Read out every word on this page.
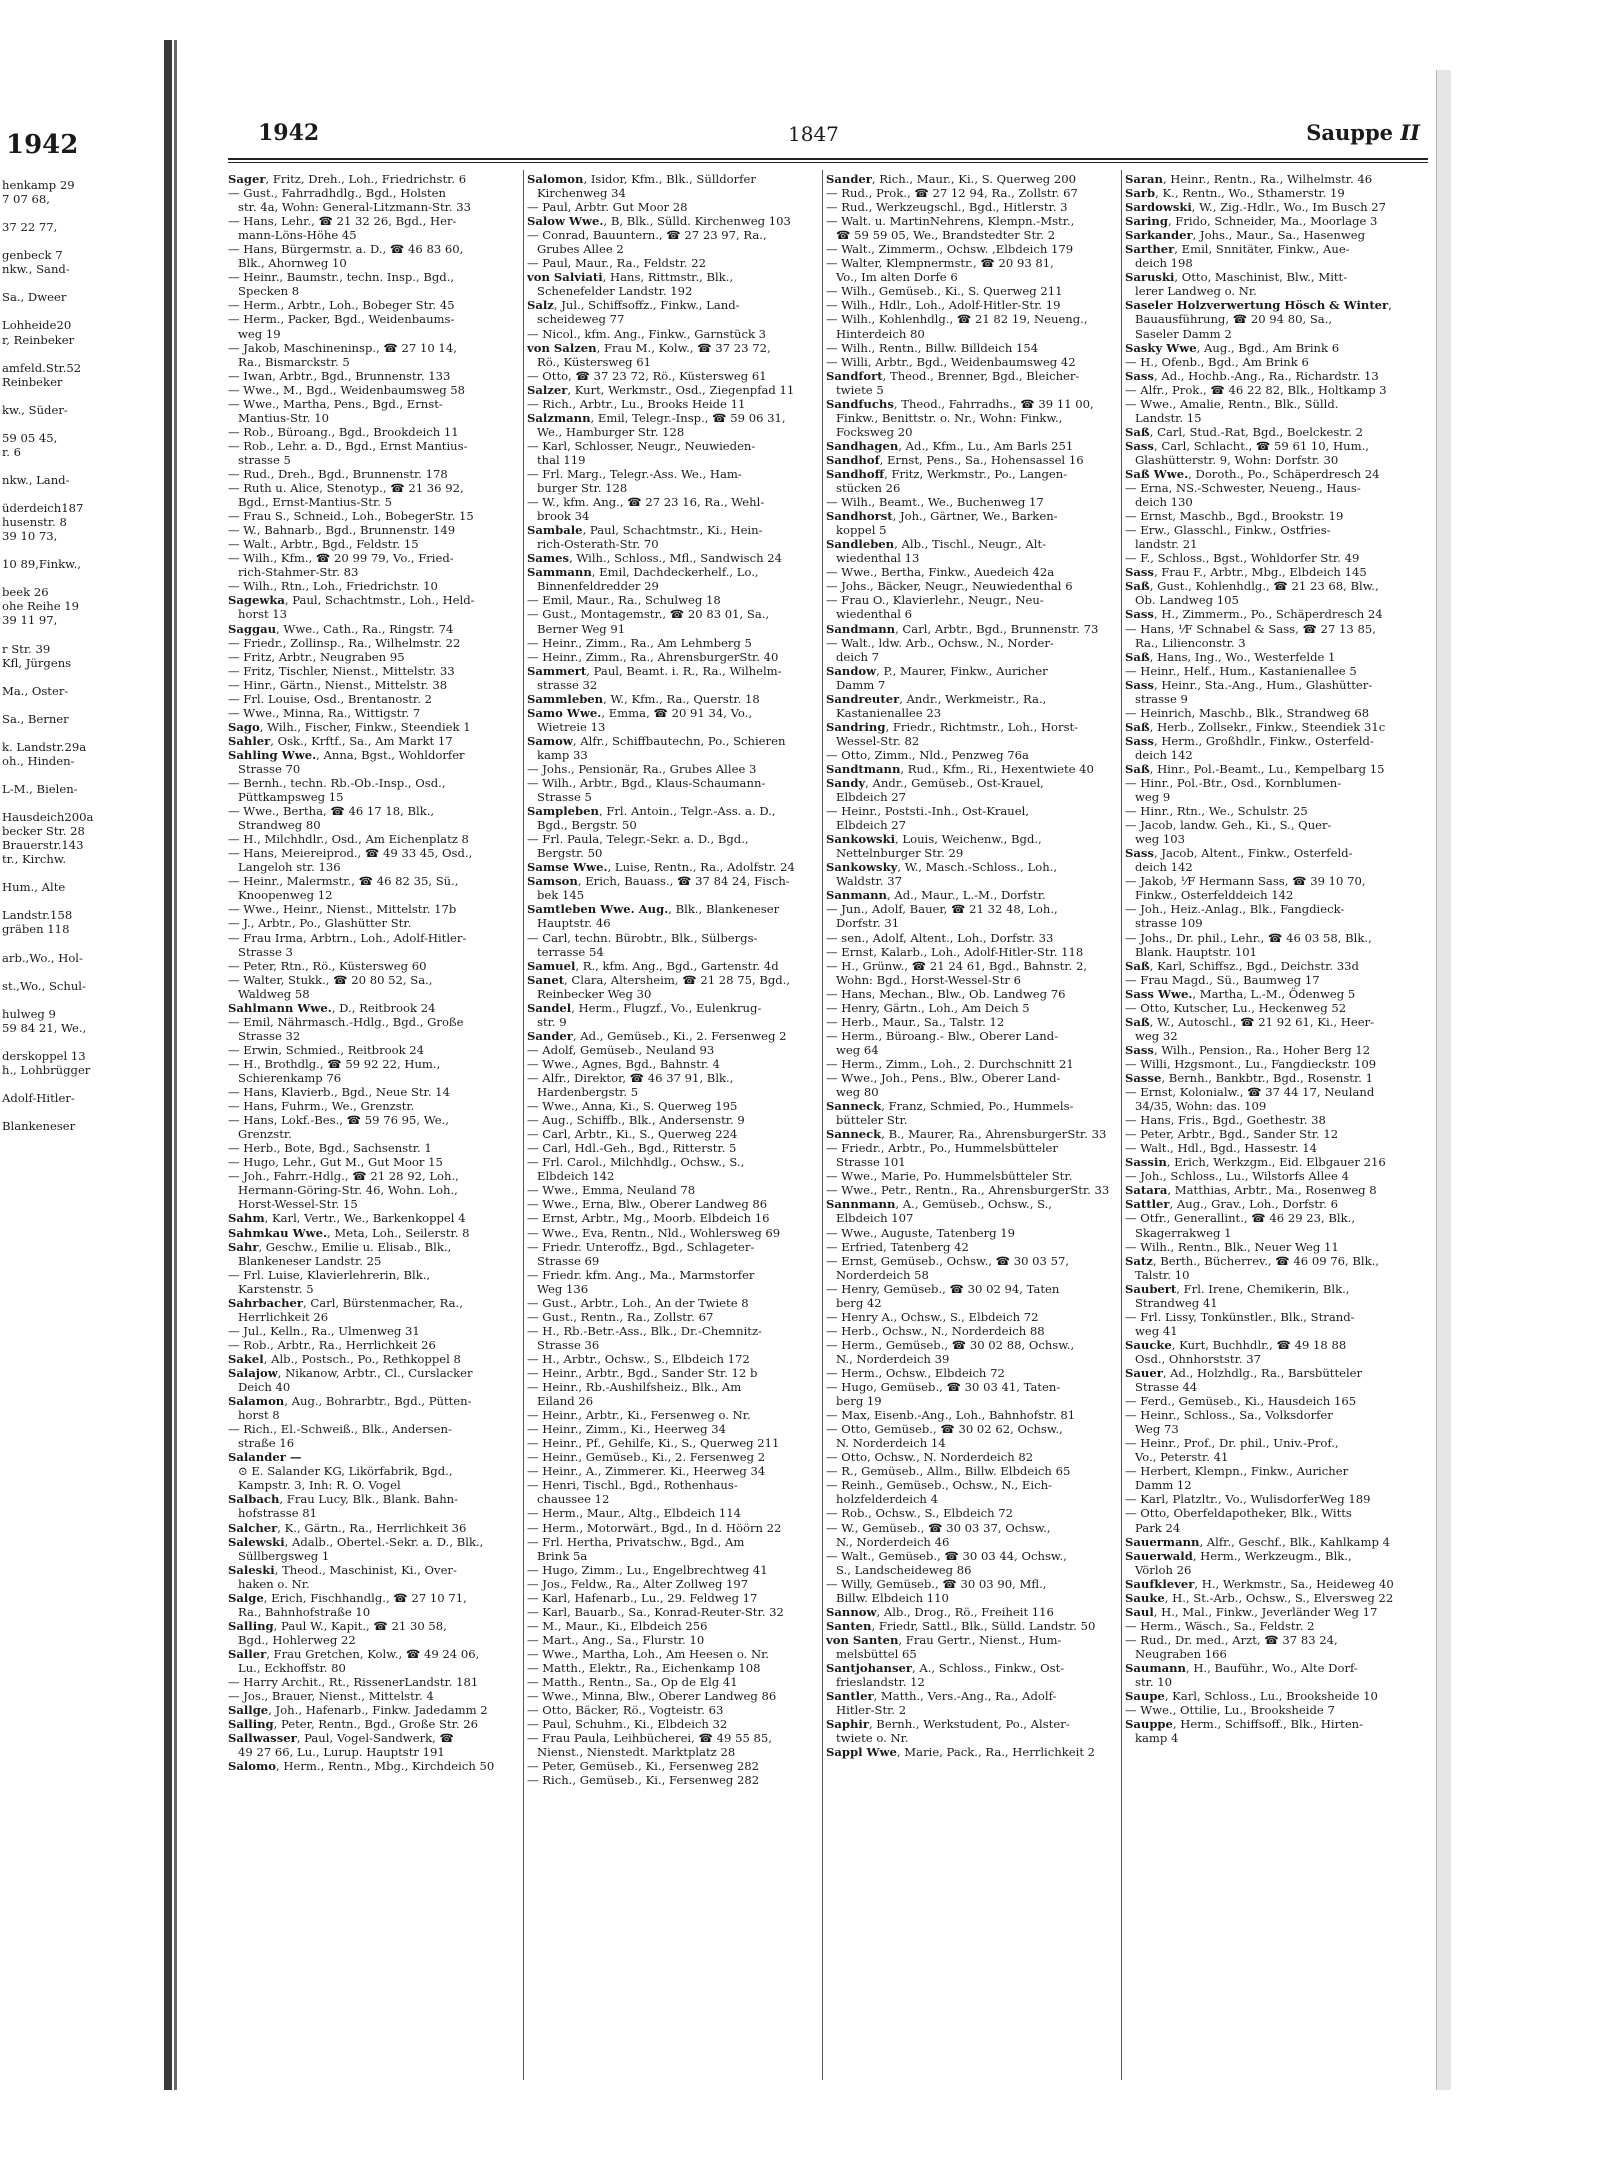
1942
henkamp 29
7 07 68,
37 22 77,
genbeck 7
nkw., Sand-
Sa., Dweer
Lohheide20
r, Reinbeker
amfeld.Str.52
Reinbeker
kw., Süder-
59 05 45,
r. 6
nkw., Land-
üderdeich187
husenstr. 8
39 10 73,
10 89,Finkw.,
beek 26
ohe Reihe 19
39 11 97,
r Str. 39
Kfl, Jürgens
Ma., Oster-
Sa., Berner
k. Landstr.29a
oh., Hinden-
L-M., Bielen-
Hausdeich200a
becker Str. 28
Brauerstr.143
tr., Kirchw.
Hum., Alte
Landstr.158
gräben 118
arb.,Wo., Hol-
st.,Wo., Schul-
hulweg 9
59 84 21, We.,
derskoppel 13
h., Lohbrügger
Adolf-Hitler-
Blankeneser
1942	1847	Sauppe II
Sager, Fritz, Dreh., Loh., Friedrichstr. 6
— Gust., Fahrradhdlg., Bgd., Holsten
str. 4a, Wohn: General-Litzmann-Str. 33
— Hans, Lehr., ☎ 21 32 26, Bgd., Her-
mann-Löns-Höhe 45
— Hans, Bürgermstr. a. D., ☎ 46 83 60,
Blk., Ahornweg 10
— Heinr., Baumstr., techn. Insp., Bgd.,
Specken 8
— Herm., Arbtr., Loh., Bobeger Str. 45
— Herm., Packer, Bgd., Weidenbaums-
weg 19
— Jakob, Maschineninsp., ☎ 27 10 14,
Ra., Bismarckstr. 5
— Iwan, Arbtr., Bgd., Brunnenstr. 133
— Wwe., M., Bgd., Weidenbaumsweg 58
— Wwe., Martha, Pens., Bgd., Ernst-
Mantius-Str. 10
— Rob., Büroang., Bgd., Brookdeich 11
— Rob., Lehr. a. D., Bgd., Ernst Mantius-
strasse 5
— Rud., Dreh., Bgd., Brunnenstr. 178
— Ruth u. Alice, Stenotyp., ☎ 21 36 92,
Bgd., Ernst-Mantius-Str. 5
— Frau S., Schneid., Loh., BobegerStr. 15
— W., Bahnarb., Bgd., Brunnenstr. 149
— Walt., Arbtr., Bgd., Feldstr. 15
— Wilh., Kfm., ☎ 20 99 79, Vo., Fried-
rich-Stahmer-Str. 83
— Wilh., Rtn., Loh., Friedrichstr. 10
Sagewka, Paul, Schachtmstr., Loh., Held-
horst 13
Saggau, Wwe., Cath., Ra., Ringstr. 74
— Friedr., Zollinsp., Ra., Wilhelmstr. 22
— Fritz, Arbtr., Neugraben 95
— Fritz, Tischler, Nienst., Mittelstr. 33
— Hinr., Gärtn., Nienst., Mittelstr. 38
— Frl. Louise, Osd., Brentanostr. 2
— Wwe., Minna, Ra., Wittigstr. 7
Sago, Wilh., Fischer, Finkw., Steendiek 1
Sahler, Osk., Krftf., Sa., Am Markt 17
Sahling Wwe., Anna, Bgst., Wohldorfer
Strasse 70
— Bernh., techn. Rb.-Ob.-Insp., Osd.,
Püttkampsweg 15
— Wwe., Bertha, ☎ 46 17 18, Blk.,
Strandweg 80
— H., Milchhdlr., Osd., Am Eichenplatz 8
— Hans, Meiereiprod., ☎ 49 33 45, Osd.,
Langeloh str. 136
— Heinr., Malermstr., ☎ 46 82 35, Sü.,
Knoopenweg 12
— Wwe., Heinr., Nienst., Mittelstr. 17b
— J., Arbtr., Po., Glashütter Str.
— Frau Irma, Arbtrn., Loh., Adolf-Hitler-
Strasse 3
— Peter, Rtn., Rö., Küstersweg 60
— Walter, Stukk., ☎ 20 80 52, Sa.,
Waldweg 58
Sahlmann Wwe., D., Reitbrook 24
— Emil, Nährmasch.-Hdlg., Bgd., Große
Strasse 32
— Erwin, Schmied., Reitbrook 24
— H., Brothdlg., ☎ 59 92 22, Hum.,
Schierenkamp 76
— Hans, Klavierb., Bgd., Neue Str. 14
— Hans, Fuhrm., We., Grenzstr.
— Hans, Lokf.-Bes., ☎ 59 76 95, We.,
Grenzstr.
— Herb., Bote, Bgd., Sachsenstr. 1
— Hugo, Lehr., Gut M., Gut Moor 15
— Joh., Fahrr.-Hdlg., ☎ 21 28 92, Loh.,
Hermann-Göring-Str. 46, Wohn. Loh.,
Horst-Wessel-Str. 15
Sahm, Karl, Vertr., We., Barkenkoppel 4
Sahmkau Wwe., Meta, Loh., Seilerstr. 8
Sahr, Geschw., Emilie u. Elisab., Blk.,
Blankeneser Landstr. 25
— Frl. Luise, Klavierlehrerin, Blk.,
Karstenstr. 5
Sahrbacher, Carl, Bürstenmacher, Ra.,
Herrlichkeit 26
— Jul., Kelln., Ra., Ulmenweg 31
— Rob., Arbtr., Ra., Herrlichkeit 26
Sakel, Alb., Postsch., Po., Rethkoppel 8
Salajow, Nikanow, Arbtr., Cl., Curslacker
Deich 40
Salamon, Aug., Bohrarbtr., Bgd., Pütten-
horst 8
— Rich., El.-Schweiß., Blk., Andersen-
straße 16
Salander —
⊙ E. Salander KG, Likörfabrik, Bgd.,
Kampstr. 3, Inh: R. O. Vogel
Salbach, Frau Lucy, Blk., Blank. Bahn-
hofstrasse 81
Salcher, K., Gärtn., Ra., Herrlichkeit 36
Salewski, Adalb., Obertel.-Sekr. a. D., Blk.,
Süllbergsweg 1
Saleski, Theod., Maschinist, Ki., Over-
haken o. Nr.
Salge, Erich, Fischhandlg., ☎ 27 10 71,
Ra., Bahnhofstraße 10
Salling, Paul W., Kapit., ☎ 21 30 58,
Bgd., Hohlerweg 22
Saller, Frau Gretchen, Kolw., ☎ 49 24 06,
Lu., Eckhoffstr. 80
— Harry Archit., Rt., RissenerLandstr. 181
— Jos., Brauer, Nienst., Mittelstr. 4
Sallge, Joh., Hafenarb., Finkw. Jadedamm 2
Salling, Peter, Rentn., Bgd., Große Str. 26
Sallwasser, Paul, Vogel-Sandwerk, ☎
49 27 66, Lu., Lurup. Hauptstr 191
Salomo, Herm., Rentn., Mbg., Kirchdeich 50
Salomon, Isidor, Kfm., Blk., Sülldorfer
Kirchenweg 34
— Paul, Arbtr. Gut Moor 28
Salow Wwe., B, Blk., Sülld. Kirchenweg 103
— Conrad, Bauuntern., ☎ 27 23 97, Ra.,
Grubes Allee 2
— Paul, Maur., Ra., Feldstr. 22
von Salviati, Hans, Rittmstr., Blk.,
Schenefelder Landstr. 192
Salz, Jul., Schiffsoffz., Finkw., Land-
scheideweg 77
— Nicol., kfm. Ang., Finkw., Garnstück 3
von Salzen, Frau M., Kolw., ☎ 37 23 72,
Rö., Küstersweg 61
— Otto, ☎ 37 23 72, Rö., Küstersweg 61
Salzer, Kurt, Werkmstr., Osd., Ziegenpfad 11
— Rich., Arbtr., Lu., Brooks Heide 11
Salzmann, Emil, Telegr.-Insp., ☎ 59 06 31,
We., Hamburger Str. 128
— Karl, Schlosser, Neugr., Neuwieden-
thal 119
— Frl. Marg., Telegr.-Ass. We., Ham-
burger Str. 128
— W., kfm. Ang., ☎ 27 23 16, Ra., Wehl-
brook 34
Sambale, Paul, Schachtmstr., Ki., Hein-
rich-Osterath-Str. 70
Sames, Wilh., Schloss., Mfl., Sandwisch 24
Sammann, Emil, Dachdeckerhelf., Lo.,
Binnenfeldredder 29
— Emil, Maur., Ra., Schulweg 18
— Gust., Montagemstr., ☎ 20 83 01, Sa.,
Berner Weg 91
— Heinr., Zimm., Ra., Am Lehmberg 5
— Heinr., Zimm., Ra., AhrensburgerStr. 40
Sammert, Paul, Beamt. i. R., Ra., Wilhelm-
strasse 32
Sammleben, W., Kfm., Ra., Querstr. 18
Samo Wwe., Emma, ☎ 20 91 34, Vo.,
Wietreie 13
Samow, Alfr., Schiffbautechn, Po., Schieren
kamp 33
— Johs., Pensionär, Ra., Grubes Allee 3
— Wilh., Arbtr., Bgd., Klaus-Schaumann-
Strasse 5
Sampleben, Frl. Antoin., Telgr.-Ass. a. D.,
Bgd., Bergstr. 50
— Frl. Paula, Telegr.-Sekr. a. D., Bgd.,
Bergstr. 50
Samse Wwe., Luise, Rentn., Ra., Adolfstr. 24
Samson, Erich, Bauass., ☎ 37 84 24, Fisch-
bek 145
Samtleben Wwe. Aug., Blk., Blankeneser
Hauptstr. 46
— Carl, techn. Bürobtr., Blk., Sülbergs-
terrasse 54
Samuel, R., kfm. Ang., Bgd., Gartenstr. 4d
Sanet, Clara, Altersheim, ☎ 21 28 75, Bgd.,
Reinbecker Weg 30
Sandel, Herm., Flugzf., Vo., Eulenkrug-
str. 9
Sander, Ad., Gemüseb., Ki., 2. Fersenweg 2
— Adolf, Gemüseb., Neuland 93
— Wwe., Agnes, Bgd., Bahnstr. 4
— Alfr., Direktor, ☎ 46 37 91, Blk.,
Hardenbergstr. 5
— Wwe., Anna, Ki., S. Querweg 195
— Aug., Schiffb., Blk., Andersenstr. 9
— Carl, Arbtr., Ki., S., Querweg 224
— Carl, Hdl.-Geh., Bgd., Ritterstr. 5
— Frl. Carol., Milchhdlg., Ochsw., S.,
Elbdeich 142
— Wwe., Emma, Neuland 78
— Wwe., Erna, Blw., Oberer Landweg 86
— Ernst, Arbtr., Mg., Moorb. Elbdeich 16
— Wwe., Eva, Rentn., Nld., Wohlersweg 69
— Friedr. Unteroffz., Bgd., Schlageter-
Strasse 69
— Friedr. kfm. Ang., Ma., Marmstorfer
Weg 136
— Gust., Arbtr., Loh., An der Twiete 8
— Gust., Rentn., Ra., Zollstr. 67
— H., Rb.-Betr.-Ass., Blk., Dr.-Chemnitz-
Strasse 36
— H., Arbtr., Ochsw., S., Elbdeich 172
— Heinr., Arbtr., Bgd., Sander Str. 12 b
— Heinr., Rb.-Aushilfsheiz., Blk., Am
Eiland 26
— Heinr., Arbtr., Ki., Fersenweg o. Nr.
— Heinr., Zimm., Ki., Heerweg 34
— Heinr., Pf., Gehilfe, Ki., S., Querweg 211
— Heinr., Gemüseb., Ki., 2. Fersenweg 2
— Heinr., A., Zimmerer. Ki., Heerweg 34
— Henri, Tischl., Bgd., Rothenhaus-
chaussee 12
— Herm., Maur., Altg., Elbdeich 114
— Herm., Motorwärt., Bgd., In d. Höörn 22
— Frl. Hertha, Privatschw., Bgd., Am
Brink 5a
— Hugo, Zimm., Lu., Engelbrechtweg 41
— Jos., Feldw., Ra., Alter Zollweg 197
— Karl, Hafenarb., Lu., 29. Feldweg 17
— Karl, Bauarb., Sa., Konrad-Reuter-Str. 32
— M., Maur., Ki., Elbdeich 256
— Mart., Ang., Sa., Flurstr. 10
— Wwe., Martha, Loh., Am Heesen o. Nr.
— Matth., Elektr., Ra., Eichenkamp 108
— Matth., Rentn., Sa., Op de Elg 41
— Wwe., Minna, Blw., Oberer Landweg 86
— Otto, Bäcker, Rö., Vogteistr. 63
— Paul, Schuhm., Ki., Elbdeich 32
— Frau Paula, Leihbücherei, ☎ 49 55 85,
Nienst., Nienstedt. Marktplatz 28
— Peter, Gemüseb., Ki., Fersenweg 282
— Rich., Gemüseb., Ki., Fersenweg 282
Sander, Rich., Maur., Ki., S. Querweg 200
— Rud., Prok., ☎ 27 12 94, Ra., Zollstr. 67
— Rud., Werkzeugschl., Bgd., Hitlerstr. 3
— Walt. u. MartinNehrens, Klempn.-Mstr.,
☎ 59 59 05, We., Brandstedter Str. 2
— Walt., Zimmerm., Ochsw. ,Elbdeich 179
— Walter, Klempnermstr., ☎ 20 93 81,
Vo., Im alten Dorfe 6
— Wilh., Gemüseb., Ki., S. Querweg 211
— Wilh., Hdlr., Loh., Adolf-Hitler-Str. 19
— Wilh., Kohlenhdlg., ☎ 21 82 19, Neueng.,
Hinterdeich 80
— Wilh., Rentn., Billw. Billdeich 154
— Willi, Arbtr., Bgd., Weidenbaumsweg 42
Sandfort, Theod., Brenner, Bgd., Bleicher-
twiete 5
Sandfuchs, Theod., Fahrradhs., ☎ 39 11 00,
Finkw., Benittstr. o. Nr., Wohn: Finkw.,
Focksweg 20
Sandhagen, Ad., Kfm., Lu., Am Barls 251
Sandhof, Ernst, Pens., Sa., Hohensassel 16
Sandhoff, Fritz, Werkmstr., Po., Langen-
stücken 26
— Wilh., Beamt., We., Buchenweg 17
Sandhorst, Joh., Gärtner, We., Barken-
koppel 5
Sandleben, Alb., Tischl., Neugr., Alt-
wiedenthal 13
— Wwe., Bertha, Finkw., Auedeich 42a
— Johs., Bäcker, Neugr., Neuwiedenthal 6
— Frau O., Klavierlehr., Neugr., Neu-
wiedenthal 6
Sandmann, Carl, Arbtr., Bgd., Brunnenstr. 73
— Walt., ldw. Arb., Ochsw., N., Norder-
deich 7
Sandow, P., Maurer, Finkw., Auricher
Damm 7
Sandreuter, Andr., Werkmeistr., Ra.,
Kastanienallee 23
Sandring, Friedr., Richtmstr., Loh., Horst-
Wessel-Str. 82
— Otto, Zimm., Nld., Penzweg 76a
Sandtmann, Rud., Kfm., Ri., Hexentwiete 40
Sandy, Andr., Gemüseb., Ost-Krauel,
Elbdeich 27
— Heinr., Poststi.-Inh., Ost-Krauel,
Elbdeich 27
Sankowski, Louis, Weichenw., Bgd.,
Nettelnburger Str. 29
Sankowsky, W., Masch.-Schloss., Loh.,
Waldstr. 37
Sanmann, Ad., Maur., L.-M., Dorfstr.
— Jun., Adolf, Bauer, ☎ 21 32 48, Loh.,
Dorfstr. 31
— sen., Adolf, Altent., Loh., Dorfstr. 33
— Ernst, Kalarb., Loh., Adolf-Hitler-Str. 118
— H., Grünw., ☎ 21 24 61, Bgd., Bahnstr. 2,
Wohn: Bgd., Horst-Wessel-Str 6
— Hans, Mechan., Blw., Ob. Landweg 76
— Henry, Gärtn., Loh., Am Deich 5
— Herb., Maur., Sa., Talstr. 12
— Herm., Büroang.- Blw., Oberer Land-
weg 64
— Herm., Zimm., Loh., 2. Durchschnitt 21
— Wwe., Joh., Pens., Blw., Oberer Land-
weg 80
Sanneck, Franz, Schmied, Po., Hummels-
bütteler Str.
Sanneck, B., Maurer, Ra., AhrensburgerStr. 33
— Friedr., Arbtr., Po., Hummelsbütteler
Strasse 101
— Wwe., Marie, Po. Hummelsbütteler Str.
— Wwe., Petr., Rentn., Ra., AhrensburgerStr. 33
Sannmann, A., Gemüseb., Ochsw., S.,
Elbdeich 107
— Wwe., Auguste, Tatenberg 19
— Erfried, Tatenberg 42
— Ernst, Gemüseb., Ochsw., ☎ 30 03 57,
Norderdeich 58
— Henry, Gemüseb., ☎ 30 02 94, Taten
berg 42
— Henry A., Ochsw., S., Elbdeich 72
— Herb., Ochsw., N., Norderdeich 88
— Herm., Gemüseb., ☎ 30 02 88, Ochsw.,
N., Norderdeich 39
— Herm., Ochsw., Elbdeich 72
— Hugo, Gemüseb., ☎ 30 03 41, Taten-
berg 19
— Max, Eisenb.-Ang., Loh., Bahnhofstr. 81
— Otto, Gemüseb., ☎ 30 02 62, Ochsw.,
N. Norderdeich 14
— Otto, Ochsw., N. Norderdeich 82
— R., Gemüseb., Allm., Billw. Elbdeich 65
— Reinh., Gemüseb., Ochsw., N., Eich-
holzfelderdeich 4
— Rob., Ochsw., S., Elbdeich 72
— W., Gemüseb., ☎ 30 03 37, Ochsw.,
N., Norderdeich 46
— Walt., Gemüseb., ☎ 30 03 44, Ochsw.,
S., Landscheideweg 86
— Willy, Gemüseb., ☎ 30 03 90, Mfl.,
Billw. Elbdeich 110
Sannow, Alb., Drog., Rö., Freiheit 116
Santen, Friedr, Sattl., Blk., Sülld. Landstr. 50
von Santen, Frau Gertr., Nienst., Hum-
melsbüttel 65
Santjohanser, A., Schloss., Finkw., Ost-
frieslandstr. 12
Santler, Matth., Vers.-Ang., Ra., Adolf-
Hitler-Str. 2
Saphir, Bernh., Werkstudent, Po., Alster-
twiete o. Nr.
Sappl Wwe, Marie, Pack., Ra., Herrlichkeit 2
Saran, Heinr., Rentn., Ra., Wilhelmstr. 46
Sarb, K., Rentn., Wo., Sthamerstr. 19
Sardowski, W., Zig.-Hdlr., Wo., Im Busch 27
Saring, Frido, Schneider, Ma., Moorlage 3
Sarkander, Johs., Maur., Sa., Hasenweg
Sarther, Emil, Snnitäter, Finkw., Aue-
deich 198
Saruski, Otto, Maschinist, Blw., Mitt-
lerer Landweg o. Nr.
Saseler Holzverwertung Hösch & Winter,
Bauausführung, ☎ 20 94 80, Sa.,
Saseler Damm 2
Sasky Wwe, Aug., Bgd., Am Brink 6
— H., Ofenb., Bgd., Am Brink 6
Sass, Ad., Hochb.-Ang., Ra., Richardstr. 13
— Alfr., Prok., ☎ 46 22 82, Blk., Holtkamp 3
— Wwe., Amalie, Rentn., Blk., Sülld.
Landstr. 15
Saß, Carl, Stud.-Rat, Bgd., Boelckestr. 2
Sass, Carl, Schlacht., ☎ 59 61 10, Hum.,
Glashütterstr. 9, Wohn: Dorfstr. 30
Saß Wwe., Doroth., Po., Schäperdresch 24
— Erna, NS.-Schwester, Neueng., Haus-
deich 130
— Ernst, Maschb., Bgd., Brookstr. 19
— Erw., Glasschl., Finkw., Ostfries-
landstr. 21
— F., Schloss., Bgst., Wohldorfer Str. 49
Sass, Frau F., Arbtr., Mbg., Elbdeich 145
Saß, Gust., Kohlenhdlg., ☎ 21 23 68, Blw.,
Ob. Landweg 105
Sass, H., Zimmerm., Po., Schäperdresch 24
— Hans, ⅟F Schnabel & Sass, ☎ 27 13 85,
Ra., Lilienconstr. 3
Saß, Hans, Ing., Wo., Westerfelde 1
— Heinr., Helf., Hum., Kastanienallee 5
Sass, Heinr., Sta.-Ang., Hum., Glashütter-
strasse 9
— Heinrich, Maschb., Blk., Strandweg 68
Saß, Herb., Zollsekr., Finkw., Steendiek 31c
Sass, Herm., Großhdlr., Finkw., Osterfeld-
deich 142
Saß, Hinr., Pol.-Beamt., Lu., Kempelbarg 15
— Hinr., Pol.-Btr., Osd., Kornblumen-
weg 9
— Hinr., Rtn., We., Schulstr. 25
— Jacob, landw. Geh., Ki., S., Quer-
weg 103
Sass, Jacob, Altent., Finkw., Osterfeld-
deich 142
— Jakob, ⅟F Hermann Sass, ☎ 39 10 70,
Finkw., Osterfelddeich 142
— Joh., Heiz.-Anlag., Blk., Fangdieck-
strasse 109
— Johs., Dr. phil., Lehr., ☎ 46 03 58, Blk.,
Blank. Hauptstr. 101
Saß, Karl, Schiffsz., Bgd., Deichstr. 33d
— Frau Magd., Sü., Baumweg 17
Sass Wwe., Martha, L.-M., Ödenweg 5
— Otto, Kutscher, Lu., Heckenweg 52
Saß, W., Autoschl., ☎ 21 92 61, Ki., Heer-
weg 32
Sass, Wilh., Pension., Ra., Hoher Berg 12
— Willi, Hzgsmont., Lu., Fangdieckstr. 109
Sasse, Bernh., Bankbtr., Bgd., Rosenstr. 1
— Ernst, Kolonialw., ☎ 37 44 17, Neuland
34/35, Wohn: das. 109
— Hans, Fris., Bgd., Goethestr. 38
— Peter, Arbtr., Bgd., Sander Str. 12
— Walt., Hdl., Bgd., Hassestr. 14
Sassin, Erich, Werkzgm., Eid. Elbgauer 216
— Joh., Schloss., Lu., Wilstorfs Allee 4
Satara, Matthias, Arbtr., Ma., Rosenweg 8
Sattler, Aug., Grav., Loh., Dorfstr. 6
— Otfr., Generallint., ☎ 46 29 23, Blk.,
Skagerrakweg 1
— Wilh., Rentn., Blk., Neuer Weg 11
Satz, Berth., Bücherrev., ☎ 46 09 76, Blk.,
Talstr. 10
Saubert, Frl. Irene, Chemikerin, Blk.,
Strandweg 41
— Frl. Lissy, Tonkünstler., Blk., Strand-
weg 41
Saucke, Kurt, Buchhdlr., ☎ 49 18 88
Osd., Ohnhorststr. 37
Sauer, Ad., Holzhdlg., Ra., Barsbütteler
Strasse 44
— Ferd., Gemüseb., Ki., Hausdeich 165
— Heinr., Schloss., Sa., Volksdorfer
Weg 73
— Heinr., Prof., Dr. phil., Univ.-Prof.,
Vo., Peterstr. 41
— Herbert, Klempn., Finkw., Auricher
Damm 12
— Karl, Platzltr., Vo., WulisdorferWeg 189
— Otto, Oberfeldapotheker, Blk., Witts
Park 24
Sauermann, Alfr., Geschf., Blk., Kahlkamp 4
Sauerwald, Herm., Werkzeugm., Blk.,
Vörloh 26
Saufklever, H., Werkmstr., Sa., Heideweg 40
Sauke, H., St.-Arb., Ochsw., S., Elversweg 22
Saul, H., Mal., Finkw., Jeverländer Weg 17
— Herm., Wäsch., Sa., Feldstr. 2
— Rud., Dr. med., Arzt, ☎ 37 83 24,
Neugraben 166
Saumann, H., Bauführ., Wo., Alte Dorf-
str. 10
Saupe, Karl, Schloss., Lu., Brooksheide 10
— Wwe., Ottilie, Lu., Brooksheide 7
Sauppe, Herm., Schiffsoff., Blk., Hirten-
kamp 4
